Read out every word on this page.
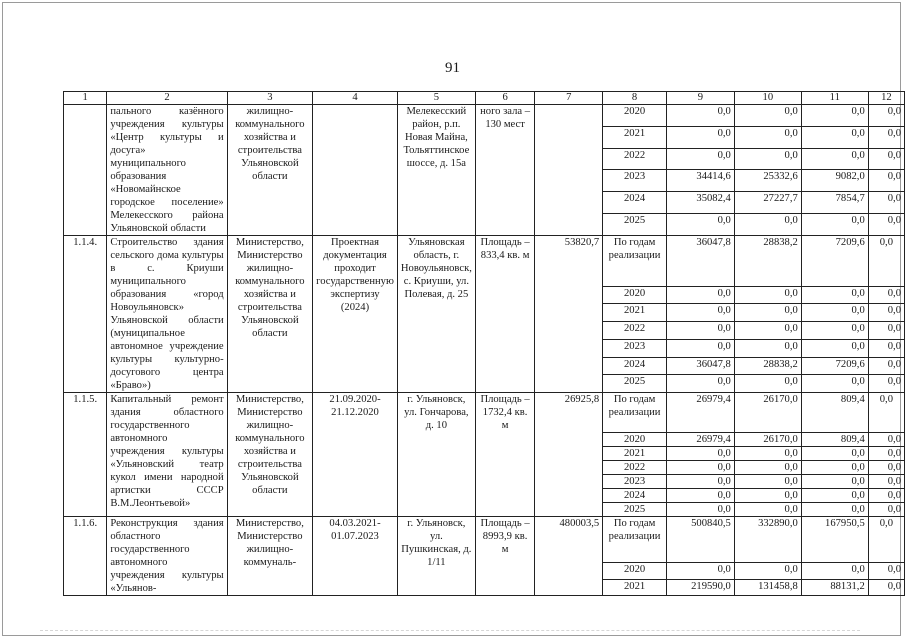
91
1	2	3	4	5	6	7	8	9	10	11	12
	пального казённого учреждения культуры «Центр культуры и досуга» муниципального образования «Новомайнское городское поселение» Мелекесского района Ульяновской области	жилищно-коммунального хозяйства и строительства Ульяновской области		Мелекесский район, р.п. Новая Майна, Тольяттинское шоссе, д. 15а	ного зала – 130 мест		2020	0,0	0,0	0,0	0,0
							2021	0,0	0,0	0,0	0,0
							2022	0,0	0,0	0,0	0,0
							2023	34414,6	25332,6	9082,0	0,0
							2024	35082,4	27227,7	7854,7	0,0
							2025	0,0	0,0	0,0	0,0
1.1.4.	Строительство здания сельского дома культуры в с. Криуши муниципального образования «город Новоульяновск» Ульяновской области (муниципальное автономное учреждение культуры культурно-досугового центра «Браво»)	Министерство, Министерство жилищно-коммунального хозяйства и строительства Ульяновской области	Проектная документация проходит государственную экспертизу (2024)	Ульяновская область, г. Новоульяновск, с. Криуши, ул. Полевая, д. 25	Площадь – 833,4 кв. м	53820,7	По годам реализации	36047,8	28838,2	7209,6	0,0
							2020	0,0	0,0	0,0	0,0
							2021	0,0	0,0	0,0	0,0
							2022	0,0	0,0	0,0	0,0
							2023	0,0	0,0	0,0	0,0
							2024	36047,8	28838,2	7209,6	0,0
							2025	0,0	0,0	0,0	0,0
1.1.5.	Капитальный ремонт здания областного государственного автономного учреждения культуры «Ульяновский театр кукол имени народной артистки СССР В.М.Леонтьевой»	Министерство, Министерство жилищно-коммунального хозяйства и строительства Ульяновской области	21.09.2020-21.12.2020	г. Ульяновск, ул. Гончарова, д. 10	Площадь – 1732,4 кв. м	26925,8	По годам реализации	26979,4	26170,0	809,4	0,0
							2020	26979,4	26170,0	809,4	0,0
							2021	0,0	0,0	0,0	0,0
							2022	0,0	0,0	0,0	0,0
							2023	0,0	0,0	0,0	0,0
							2024	0,0	0,0	0,0	0,0
							2025	0,0	0,0	0,0	0,0
1.1.6.	Реконструкция здания областного государственного автономного учреждения культуры «Ульянов-	Министерство, Министерство жилищно-коммуналь-	04.03.2021-01.07.2023	г. Ульяновск, ул. Пушкинская, д. 1/11	Площадь – 8993,9 кв. м	480003,5	По годам реализации	500840,5	332890,0	167950,5	0,0
							2020	0,0	0,0	0,0	0,0
							2021	219590,0	131458,8	88131,2	0,0
